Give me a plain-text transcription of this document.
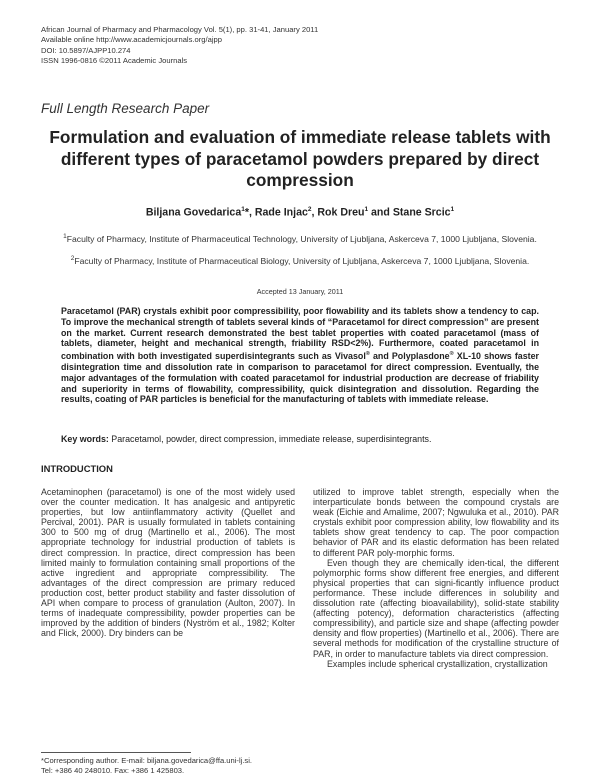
African Journal of Pharmacy and Pharmacology Vol. 5(1), pp. 31-41, January 2011
Available online http://www.academicjournals.org/ajpp
DOI: 10.5897/AJPP10.274
ISSN 1996-0816 ©2011 Academic Journals
Full Length Research Paper
Formulation and evaluation of immediate release tablets with different types of paracetamol powders prepared by direct compression
Biljana Govedarica$^1$*, Rade Injac$^2$, Rok Dreu$^1$ and Stane Srcic$^1$
$^1$Faculty of Pharmacy, Institute of Pharmaceutical Technology, University of Ljubljana, Askerceva 7, 1000 Ljubljana, Slovenia.
$^2$Faculty of Pharmacy, Institute of Pharmaceutical Biology, University of Ljubljana, Askerceva 7, 1000 Ljubljana, Slovenia.
Accepted 13 January, 2011
Paracetamol (PAR) crystals exhibit poor compressibility, poor flowability and its tablets show a tendency to cap. To improve the mechanical strength of tablets several kinds of “Paracetamol for direct compression” are present on the market. Current research demonstrated the best tablet properties with coated paracetamol (mass of tablets, diameter, height and mechanical strength, friability RSD<2%). Furthermore, coated paracetamol in combination with both investigated superdisintegrants such as Vivasol® and Polyplasdone® XL-10 shows faster disintegration time and dissolution rate in comparison to paracetamol for direct compression. Eventually, the major advantages of the formulation with coated paracetamol for industrial production are decrease of friability and superiority in terms of flowability, compressibility, quick disintegration and dissolution. Regarding the results, coating of PAR particles is beneficial for the manufacturing of tablets with immediate release.
Key words: Paracetamol, powder, direct compression, immediate release, superdisintegrants.
INTRODUCTION

Acetaminophen (paracetamol) is one of the most widely used over the counter medication. It has analgesic and antipyretic properties, but low antiinflammatory activity (Quellet and Percival, 2001). PAR is usually formulated in tablets containing 300 to 500 mg of drug (Martinello et al., 2006). The most appropriate technology for industrial production of tablets is direct compression. In practice, direct compression has been limited mainly to formulation containing small proportions of the active ingredient and appropriate compressibility. The advantages of the direct compression are primary reduced production cost, better product stability and faster dissolution of API when compare to process of granulation (Aulton, 2007). In terms of inadequate compressibility, powder properties can be improved by the addition of binders (Nyström et al., 1982; Kolter and Flick, 2000). Dry binders can be

utilized to improve tablet strength, especially when the interparticulate bonds between the compound crystals are weak (Eichie and Amalime, 2007; Ngwuluka et al., 2010). PAR crystals exhibit poor compression ability, low flowability and its tablets show great tendency to cap. The poor compaction behavior of PAR and its elastic deformation has been related to different PAR poly-morphic forms.

Even though they are chemically iden-tical, the different polymorphic forms show different free energies, and different physical properties that can signi-ficantly influence product performance. These include differences in solubility and dissolution rate (affecting bioavailability), solid-state stability (affecting potency), deformation characteristics (affecting compressibility), and particle size and shape (affecting powder density and flow properties) (Martinello et al., 2006). There are several methods for modification of the crystalline structure of PAR, in order to manufacture tablets via direct compression.

Examples include spherical crystallization, crystallization

*Corresponding author. E-mail: biljana.govedarica@ffa.uni-lj.si.
Tel: +386 40 248010. Fax: +386 1 425803.
